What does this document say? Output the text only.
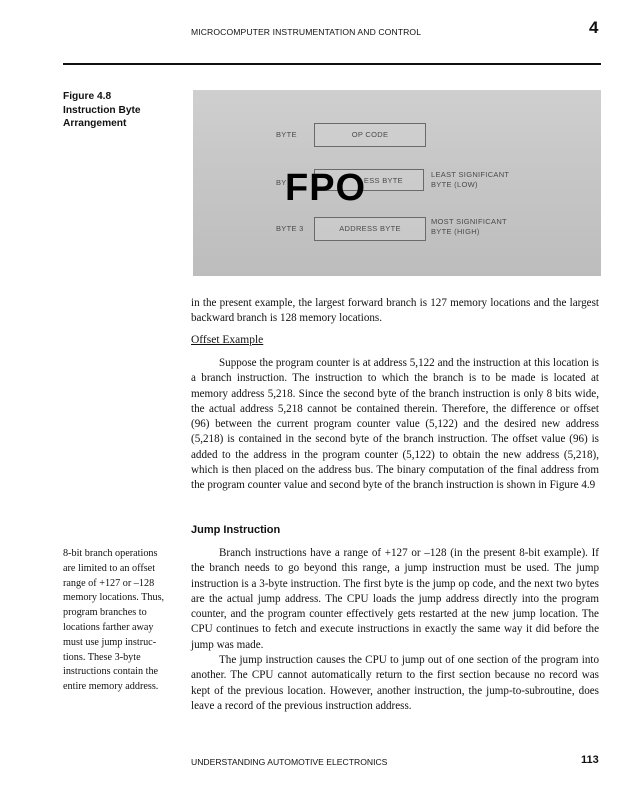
MICROCOMPUTER INSTRUMENTATION AND CONTROL	4
Figure 4.8
Instruction Byte
Arrangement
BYTE	OP CODE
BY	ESS BYTE
LEAST SIGNIFICANT
BYTE (LOW)
BYTE 3	ADDRESS BYTE
MOST SIGNIFICANT
BYTE (HIGH)
FPO

in the present example, the largest forward branch is 127 memory locations and the largest backward branch is 128 memory locations.

Offset Example

Suppose the program counter is at address 5,122 and the instruction at this location is a branch instruction. The instruction to which the branch is to be made is located at memory address 5,218. Since the second byte of the branch instruction is only 8 bits wide, the actual address 5,218 cannot be contained therein. Therefore, the difference or offset (96) between the current program counter value (5,122) and the desired new address (5,218) is contained in the second byte of the branch instruction. The offset value (96) is added to the address in the program counter (5,122) to obtain the new address (5,218), which is then placed on the address bus. The binary computation of the final address from the program counter value and second byte of the branch instruction is shown in Figure 4.9

Jump Instruction

Branch instructions have a range of +127 or –128 (in the present 8-bit example). If the branch needs to go beyond this range, a jump instruction must be used. The jump instruction is a 3-byte instruction. The first byte is the jump op code, and the next two bytes are the actual jump address. The CPU loads the jump address directly into the program counter, and the program counter effectively gets restarted at the new jump location. The CPU continues to fetch and execute instructions in exactly the same way it did before the jump was made.

The jump instruction causes the CPU to jump out of one section of the program into another. The CPU cannot automatically return to the first section because no record was kept of the previous location. However, another instruction, the jump-to-subroutine, does leave a record of the previous instruction address.

8-bit branch operations
are limited to an offset
range of +127 or –128
memory locations. Thus,
program branches to
locations farther away
must use jump instruc-
tions. These 3-byte
instructions contain the
entire memory address.
UNDERSTANDING AUTOMOTIVE ELECTRONICS	113
